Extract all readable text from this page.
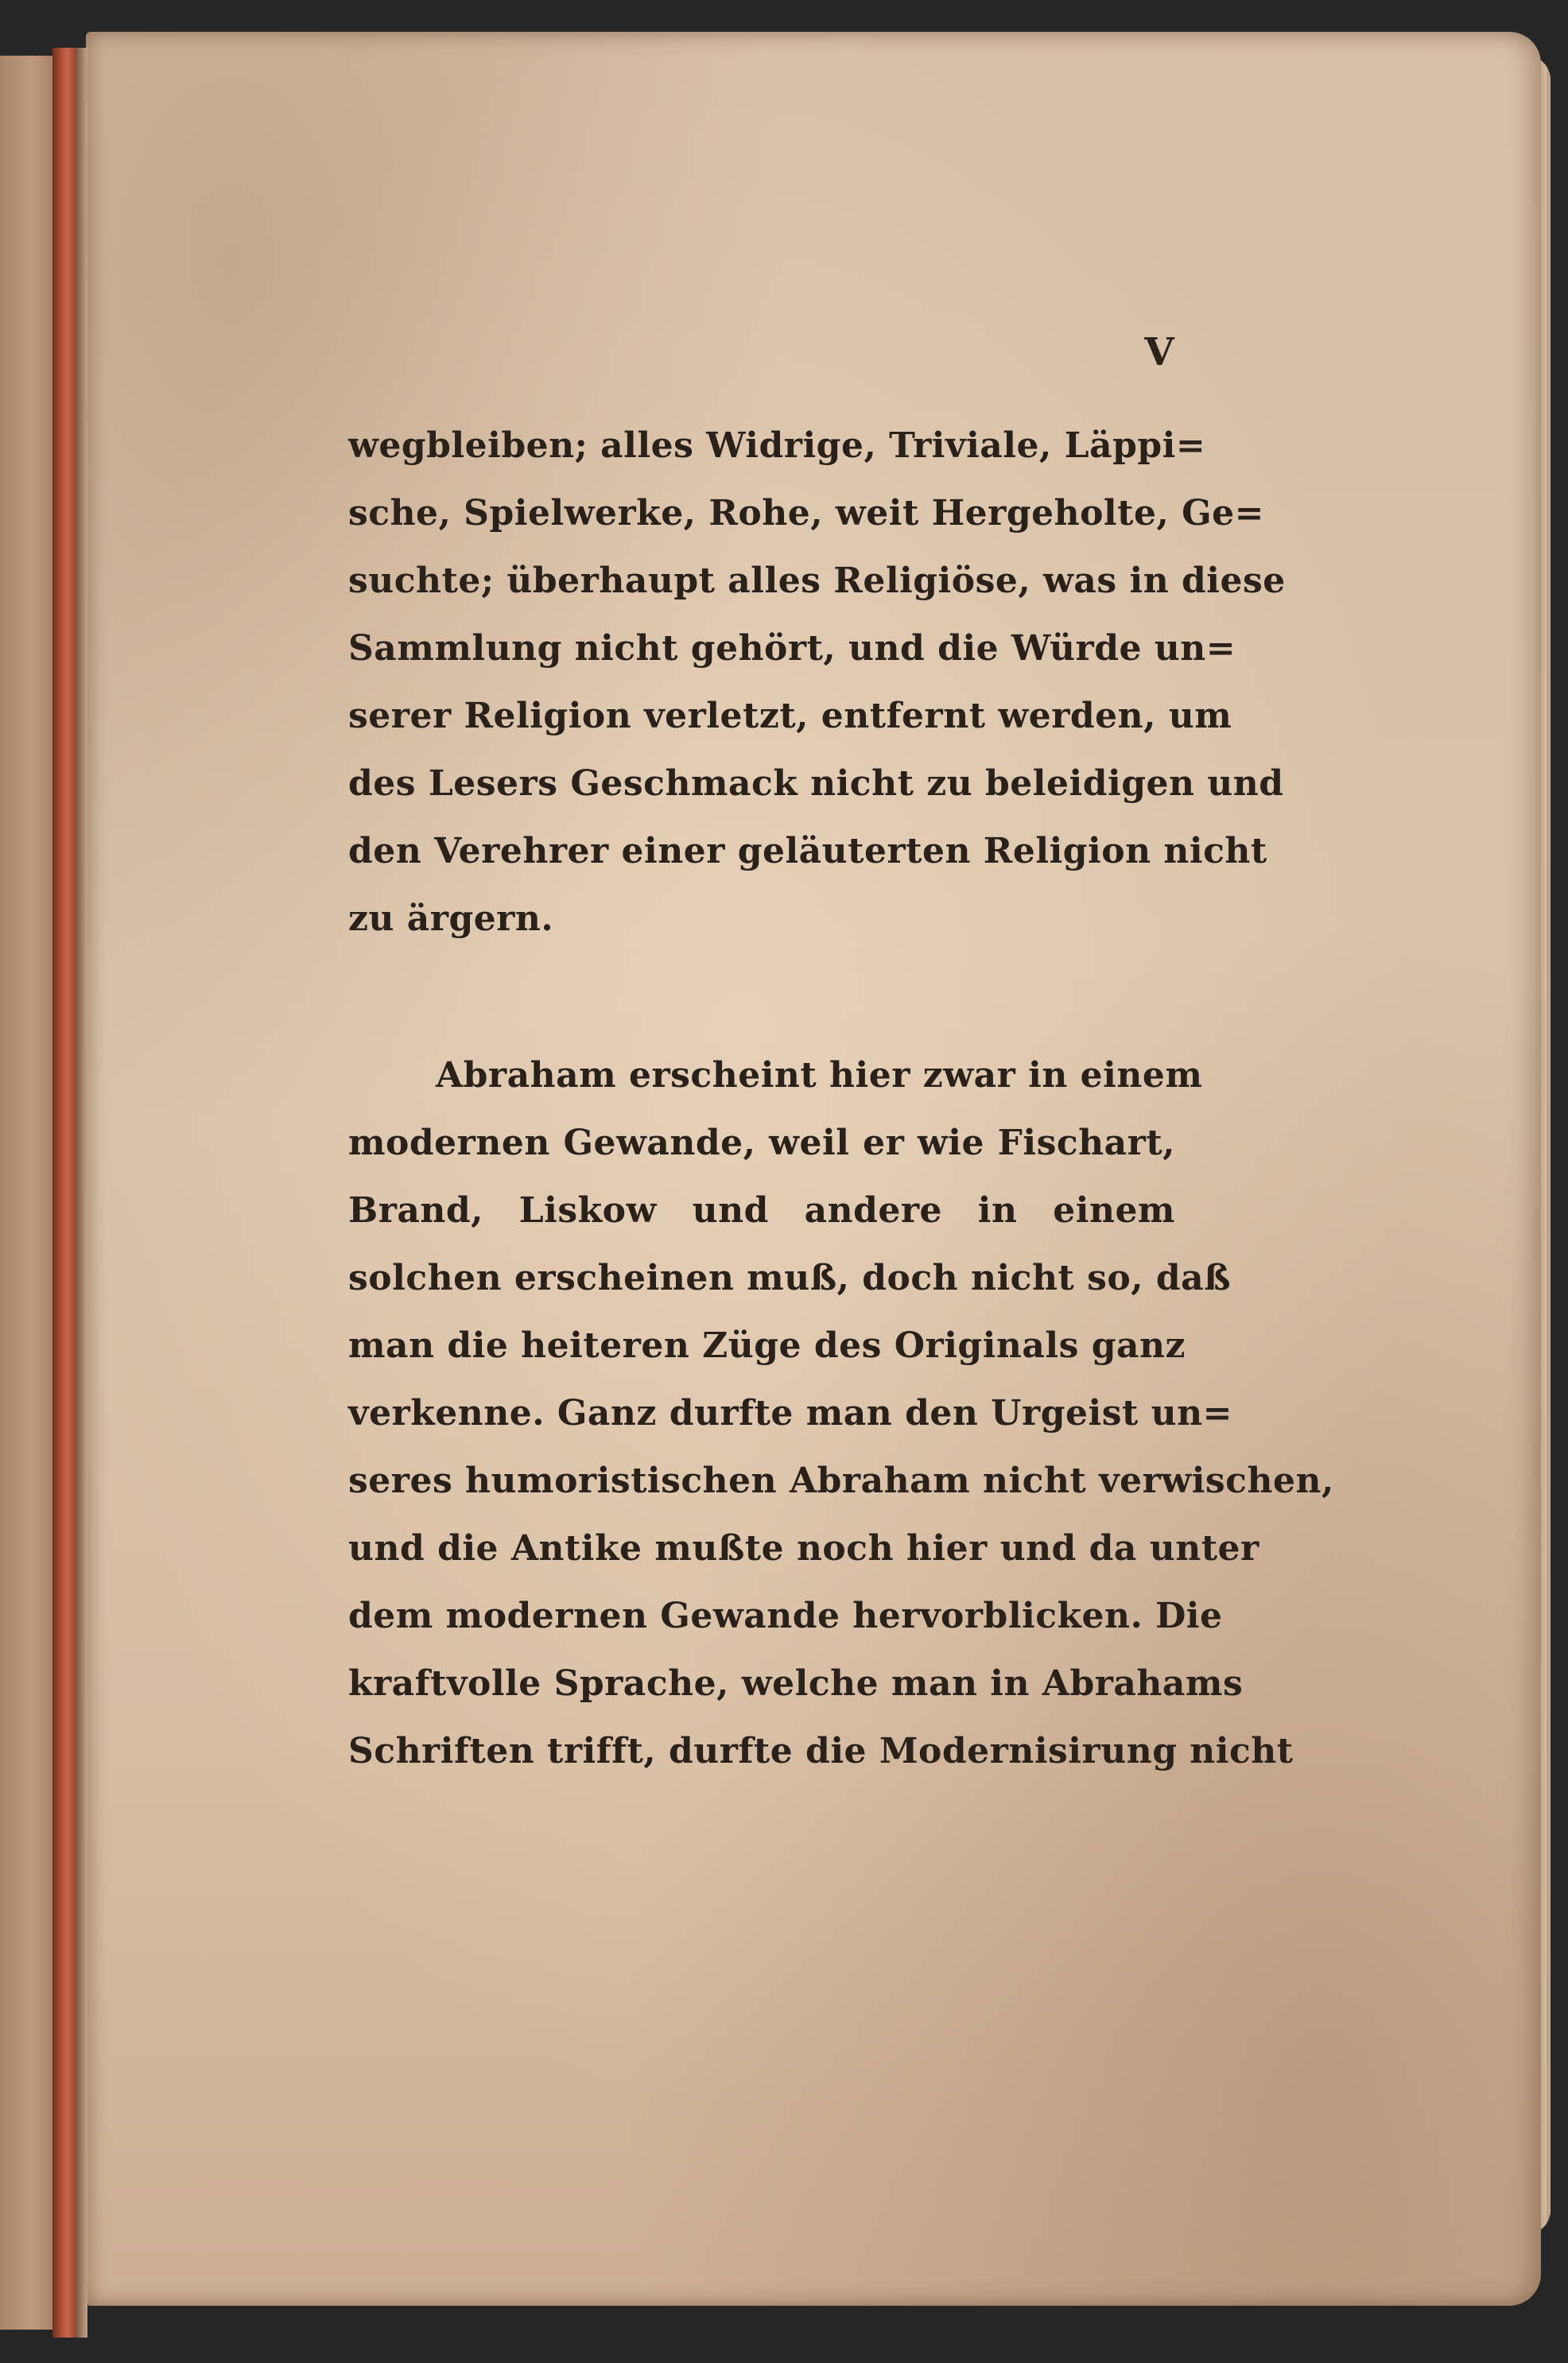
V
wegbleiben; alles Widrige, Triviale, Läppi=
sche, Spielwerke, Rohe, weit Hergeholte, Ge=
suchte; überhaupt alles Religiöse, was in diese
Sammlung nicht gehört, und die Würde un=
serer Religion verletzt, entfernt werden, um
des Lesers Geschmack nicht zu beleidigen und
den Verehrer einer geläuterten Religion nicht
zu ärgern.
Abraham erscheint hier zwar in einem
modernen Gewande, weil er wie Fischart,
Brand, Liskow und andere in einem
solchen erscheinen muß, doch nicht so, daß
man die heiteren Züge des Originals ganz
verkenne. Ganz durfte man den Urgeist un=
seres humoristischen Abraham nicht verwischen,
und die Antike mußte noch hier und da unter
dem modernen Gewande hervorblicken. Die
kraftvolle Sprache, welche man in Abrahams
Schriften trifft, durfte die Modernisirung nicht
